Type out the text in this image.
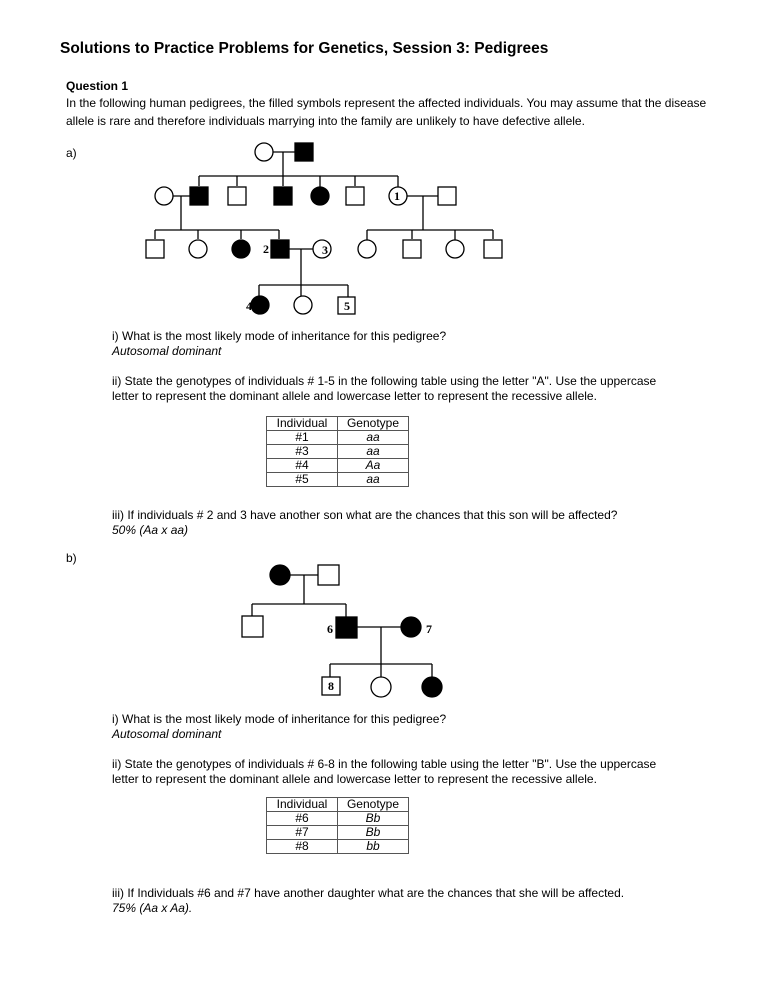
Solutions to Practice Problems for Genetics, Session 3: Pedigrees
Question 1
In the following human pedigrees, the filled symbols represent the affected individuals. You may assume that the disease allele is rare and therefore individuals marrying into the family are unlikely to have defective allele.
a)
1
2	3
4	5
i) What is the most likely mode of inheritance for this pedigree?
Autosomal dominant
ii) State the genotypes of individuals # 1-5 in the following table using the letter "A". Use the uppercase
letter to represent the dominant allele and lowercase letter to represent the recessive allele.
Individual	Genotype
#1	aa
#3	aa
#4	Aa
#5	aa
iii) If individuals # 2 and 3 have another son what are the chances that this son will be affected?
50% (Aa x aa)
b)
6	7
8
i) What is the most likely mode of inheritance for this pedigree?
Autosomal dominant
ii) State the genotypes of individuals # 6-8 in the following table using the letter "B". Use the uppercase
letter to represent the dominant allele and lowercase letter to represent the recessive allele.
Individual	Genotype
#6	Bb
#7	Bb
#8	bb
iii) If Individuals #6 and #7 have another daughter what are the chances that she will be affected.
75% (Aa x Aa).
